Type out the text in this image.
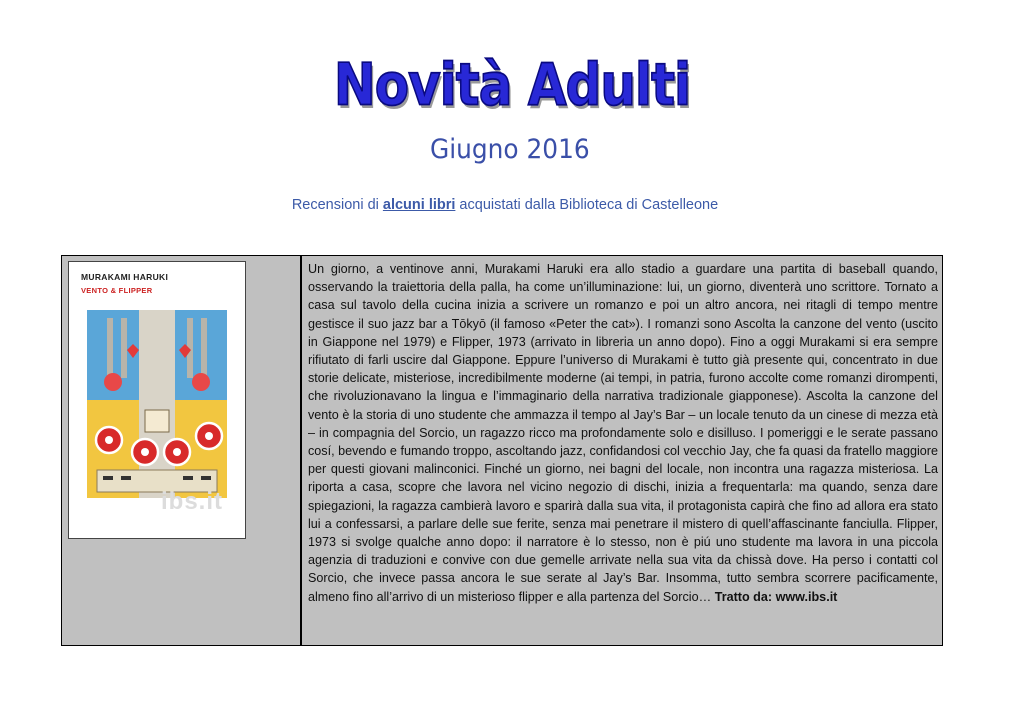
Novità Adulti
Giugno 2016
Recensioni di alcuni libri acquistati dalla Biblioteca di Castelleone
MURAKAMI HARUKI
VENTO & FLIPPER
ibs.it
Un giorno, a ventinove anni, Murakami Haruki era allo stadio a guardare una partita di baseball quando, osservando la traiettoria della palla, ha come un’illuminazione: lui, un giorno, diventerà uno scrittore. Tornato a casa sul tavolo della cucina inizia a scrivere un romanzo e poi un altro ancora, nei ritagli di tempo mentre gestisce il suo jazz bar a Tōkyō (il famoso «Peter the cat»). I romanzi sono Ascolta la canzone del vento (uscito in Giappone nel 1979) e Flipper, 1973 (arrivato in libreria un anno dopo). Fino a oggi Murakami si era sempre rifiutato di farli uscire dal Giappone. Eppure l’universo di Murakami è tutto già presente qui, concentrato in due storie delicate, misteriose, incredibilmente moderne (ai tempi, in patria, furono accolte come romanzi dirompenti, che rivoluzionavano la lingua e l’immaginario della narrativa tradizionale giapponese). Ascolta la canzone del vento è la storia di uno studente che ammazza il tempo al Jay’s Bar – un locale tenuto da un cinese di mezza età – in compagnia del Sorcio, un ragazzo ricco ma profondamente solo e disilluso. I pomeriggi e le serate passano cosí, bevendo e fumando troppo, ascoltando jazz, confidandosi col vecchio Jay, che fa quasi da fratello maggiore per questi giovani malinconici. Finché un giorno, nei bagni del locale, non incontra una ragazza misteriosa. La riporta a casa, scopre che lavora nel vicino negozio di dischi, inizia a frequentarla: ma quando, senza dare spiegazioni, la ragazza cambierà lavoro e sparirà dalla sua vita, il protagonista capirà che fino ad allora era stato lui a confessarsi, a parlare delle sue ferite, senza mai penetrare il mistero di quell’affascinante fanciulla. Flipper, 1973 si svolge qualche anno dopo: il narratore è lo stesso, non è piú uno studente ma lavora in una piccola agenzia di traduzioni e convive con due gemelle arrivate nella sua vita da chissà dove. Ha perso i contatti col Sorcio, che invece passa ancora le sue serate al Jay’s Bar. Insomma, tutto sembra scorrere pacificamente, almeno fino all’arrivo di un misterioso flipper e alla partenza del Sorcio… Tratto da: www.ibs.it
